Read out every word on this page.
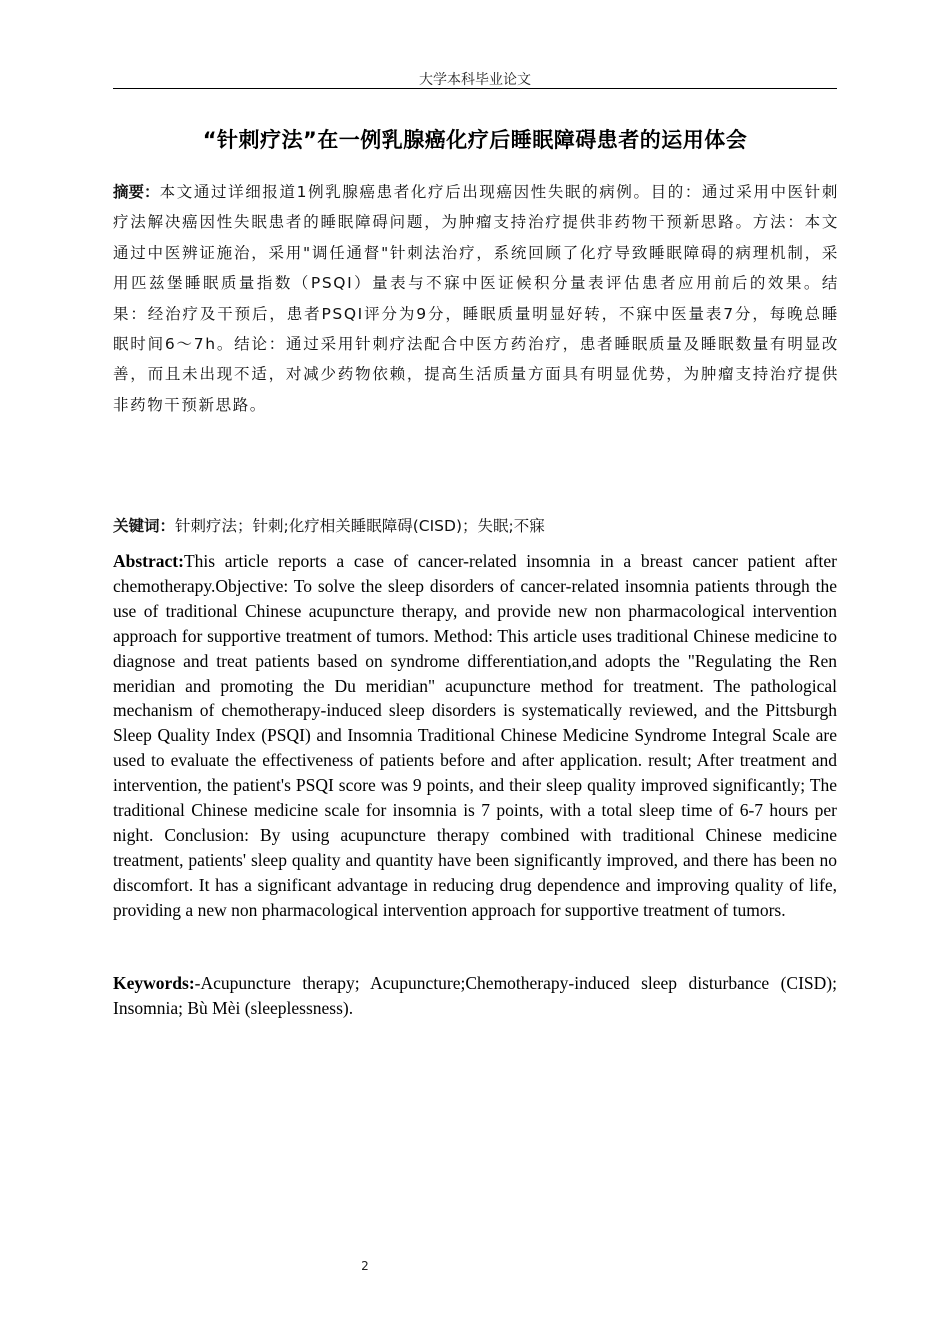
大学本科毕业论文
“针刺疗法”在一例乳腺癌化疗后睡眠障碍患者的运用体会
摘要：本文通过详细报道1例乳腺癌患者化疗后出现癌因性失眠的病例。目的：通过采用中医针刺疗法解决癌因性失眠患者的睡眠障碍问题，为肿瘤支持治疗提供非药物干预新思路。方法：本文通过中医辨证施治，采用"调任通督"针刺法治疗，系统回顾了化疗导致睡眠障碍的病理机制，采用匹兹堡睡眠质量指数（PSQI）量表与不寐中医证候积分量表评估患者应用前后的效果。结果：经治疗及干预后，患者PSQI评分为9分，睡眠质量明显好转，不寐中医量表7分，每晚总睡眠时间6～7h。结论：通过采用针刺疗法配合中医方药治疗，患者睡眠质量及睡眠数量有明显改善，而且未出现不适，对减少药物依赖，提高生活质量方面具有明显优势，为肿瘤支持治疗提供非药物干预新思路。
关键词：针刺疗法；针刺;化疗相关睡眠障碍(CISD)；失眠;不寐
Abstract:This article reports a case of cancer-related insomnia in a breast cancer patient after chemotherapy.Objective: To solve the sleep disorders of cancer-related insomnia patients through the use of traditional Chinese acupuncture therapy, and provide new non pharmacological intervention approach for supportive treatment of tumors. Method: This article uses traditional Chinese medicine to diagnose and treat patients based on syndrome differentiation,and adopts the "Regulating the Ren meridian and promoting the Du meridian" acupuncture method for treatment. The pathological mechanism of chemotherapy-induced sleep disorders is systematically reviewed, and the Pittsburgh Sleep Quality Index (PSQI) and Insomnia Traditional Chinese Medicine Syndrome Integral Scale are used to evaluate the effectiveness of patients before and after application. result; After treatment and intervention, the patient's PSQI score was 9 points, and their sleep quality improved significantly; The traditional Chinese medicine scale for insomnia is 7 points, with a total sleep time of 6-7 hours per night. Conclusion: By using acupuncture therapy combined with traditional Chinese medicine treatment, patients' sleep quality and quantity have been significantly improved, and there has been no discomfort. It has a significant advantage in reducing drug dependence and improving quality of life, providing a new non pharmacological intervention approach for supportive treatment of tumors.
Keywords:-Acupuncture therapy; Acupuncture;Chemotherapy-induced sleep disturbance (CISD); Insomnia; Bù Mèi (sleeplessness).
2
